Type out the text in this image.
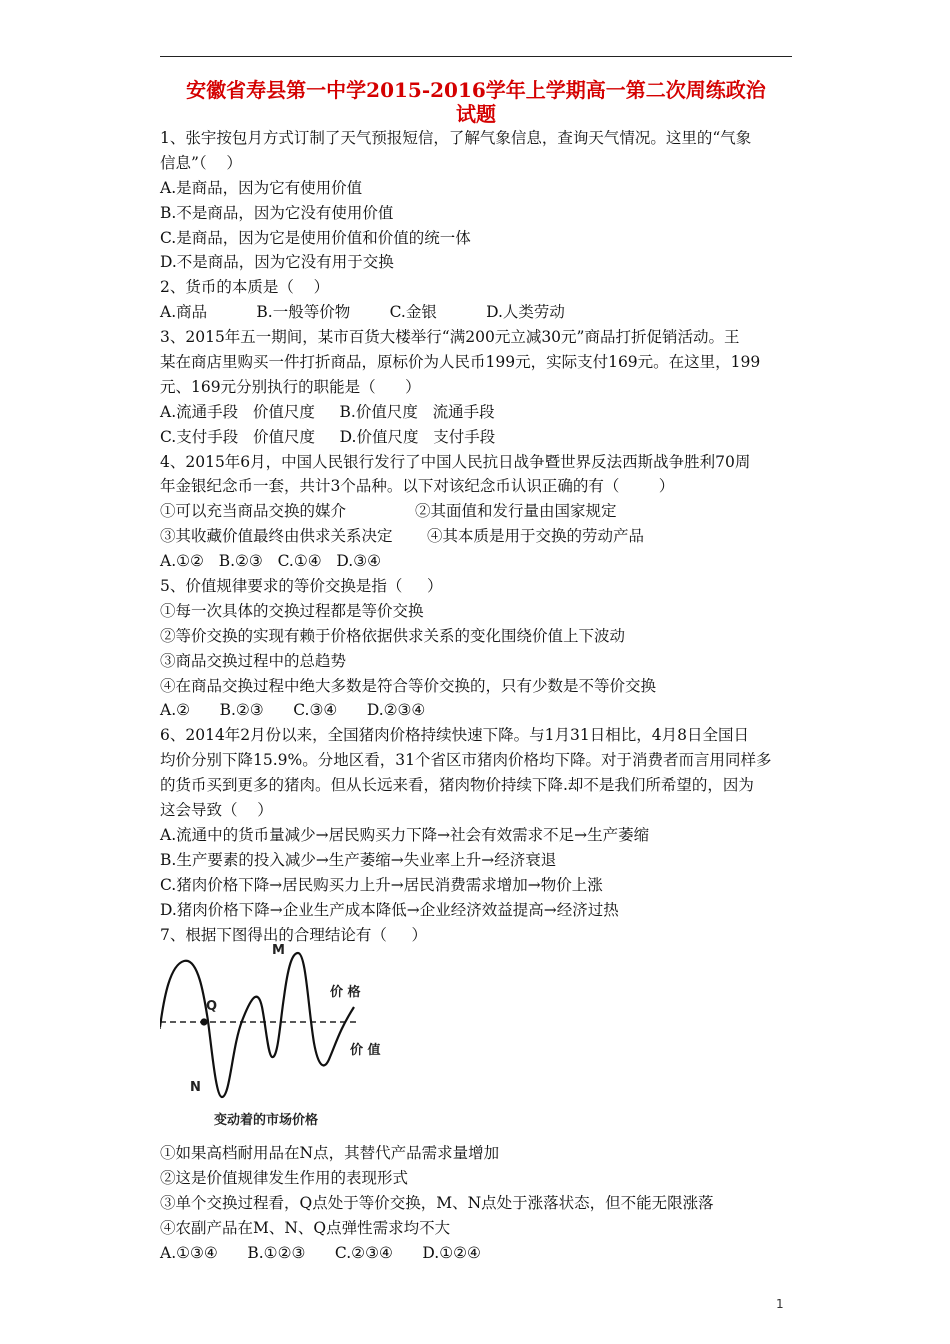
安徽省寿县第一中学2015-2016学年上学期高一第二次周练政治
试题
1、张宇按包月方式订制了天气预报短信，了解气象信息，查询天气情况。这里的“气象
信息”（    ）
A.是商品，因为它有使用价值
B.不是商品，因为它没有使用价值
C.是商品，因为它是使用价值和价值的统一体
D.不是商品，因为它没有用于交换
2、货币的本质是（    ）
A.商品          B.一般等价物        C.金银          D.人类劳动
3、2015年五一期间，某市百货大楼举行“满200元立减30元”商品打折促销活动。王
某在商店里购买一件打折商品，原标价为人民币199元，实际支付169元。在这里，199
元、169元分别执行的职能是（      ）
A.流通手段   价值尺度     B.价值尺度   流通手段
C.支付手段   价值尺度     D.价值尺度   支付手段
4、2015年6月，中国人民银行发行了中国人民抗日战争暨世界反法西斯战争胜利70周
年金银纪念币一套，共计3个品种。以下对该纪念币认识正确的有（        ）
①可以充当商品交换的媒介              ②其面值和发行量由国家规定
③其收藏价值最终由供求关系决定       ④其本质是用于交换的劳动产品
A.①②   B.②③   C.①④   D.③④
5、价值规律要求的等价交换是指（     ）
①每一次具体的交换过程都是等价交换
②等价交换的实现有赖于价格依据供求关系的变化围绕价值上下波动
③商品交换过程中的总趋势
④在商品交换过程中绝大多数是符合等价交换的，只有少数是不等价交换
A.②      B.②③      C.③④      D.②③④
6、2014年2月份以来，全国猪肉价格持续快速下降。与1月31日相比，4月8日全国日
均价分别下降15.9%。分地区看，31个省区市猪肉价格均下降。对于消费者而言用同样多
的货币买到更多的猪肉。但从长远来看，猪肉物价持续下降.却不是我们所希望的，因为
这会导致（    ）
A.流通中的货币量减少→居民购买力下降→社会有效需求不足→生产萎缩
B.生产要素的投入减少→生产萎缩→失业率上升→经济衰退
C.猪肉价格下降→居民购买力上升→居民消费需求增加→物价上涨
D.猪肉价格下降→企业生产成本降低→企业经济效益提高→经济过热
7、根据下图得出的合理结论有（     ）
M
Q
N
价 格
价 值
变动着的市场价格
①如果高档耐用品在N点，其替代产品需求量增加
②这是价值规律发生作用的表现形式
③单个交换过程看，Q点处于等价交换，M、N点处于涨落状态，但不能无限涨落
④农副产品在M、N、Q点弹性需求均不大
A.①③④      B.①②③      C.②③④      D.①②④
1
